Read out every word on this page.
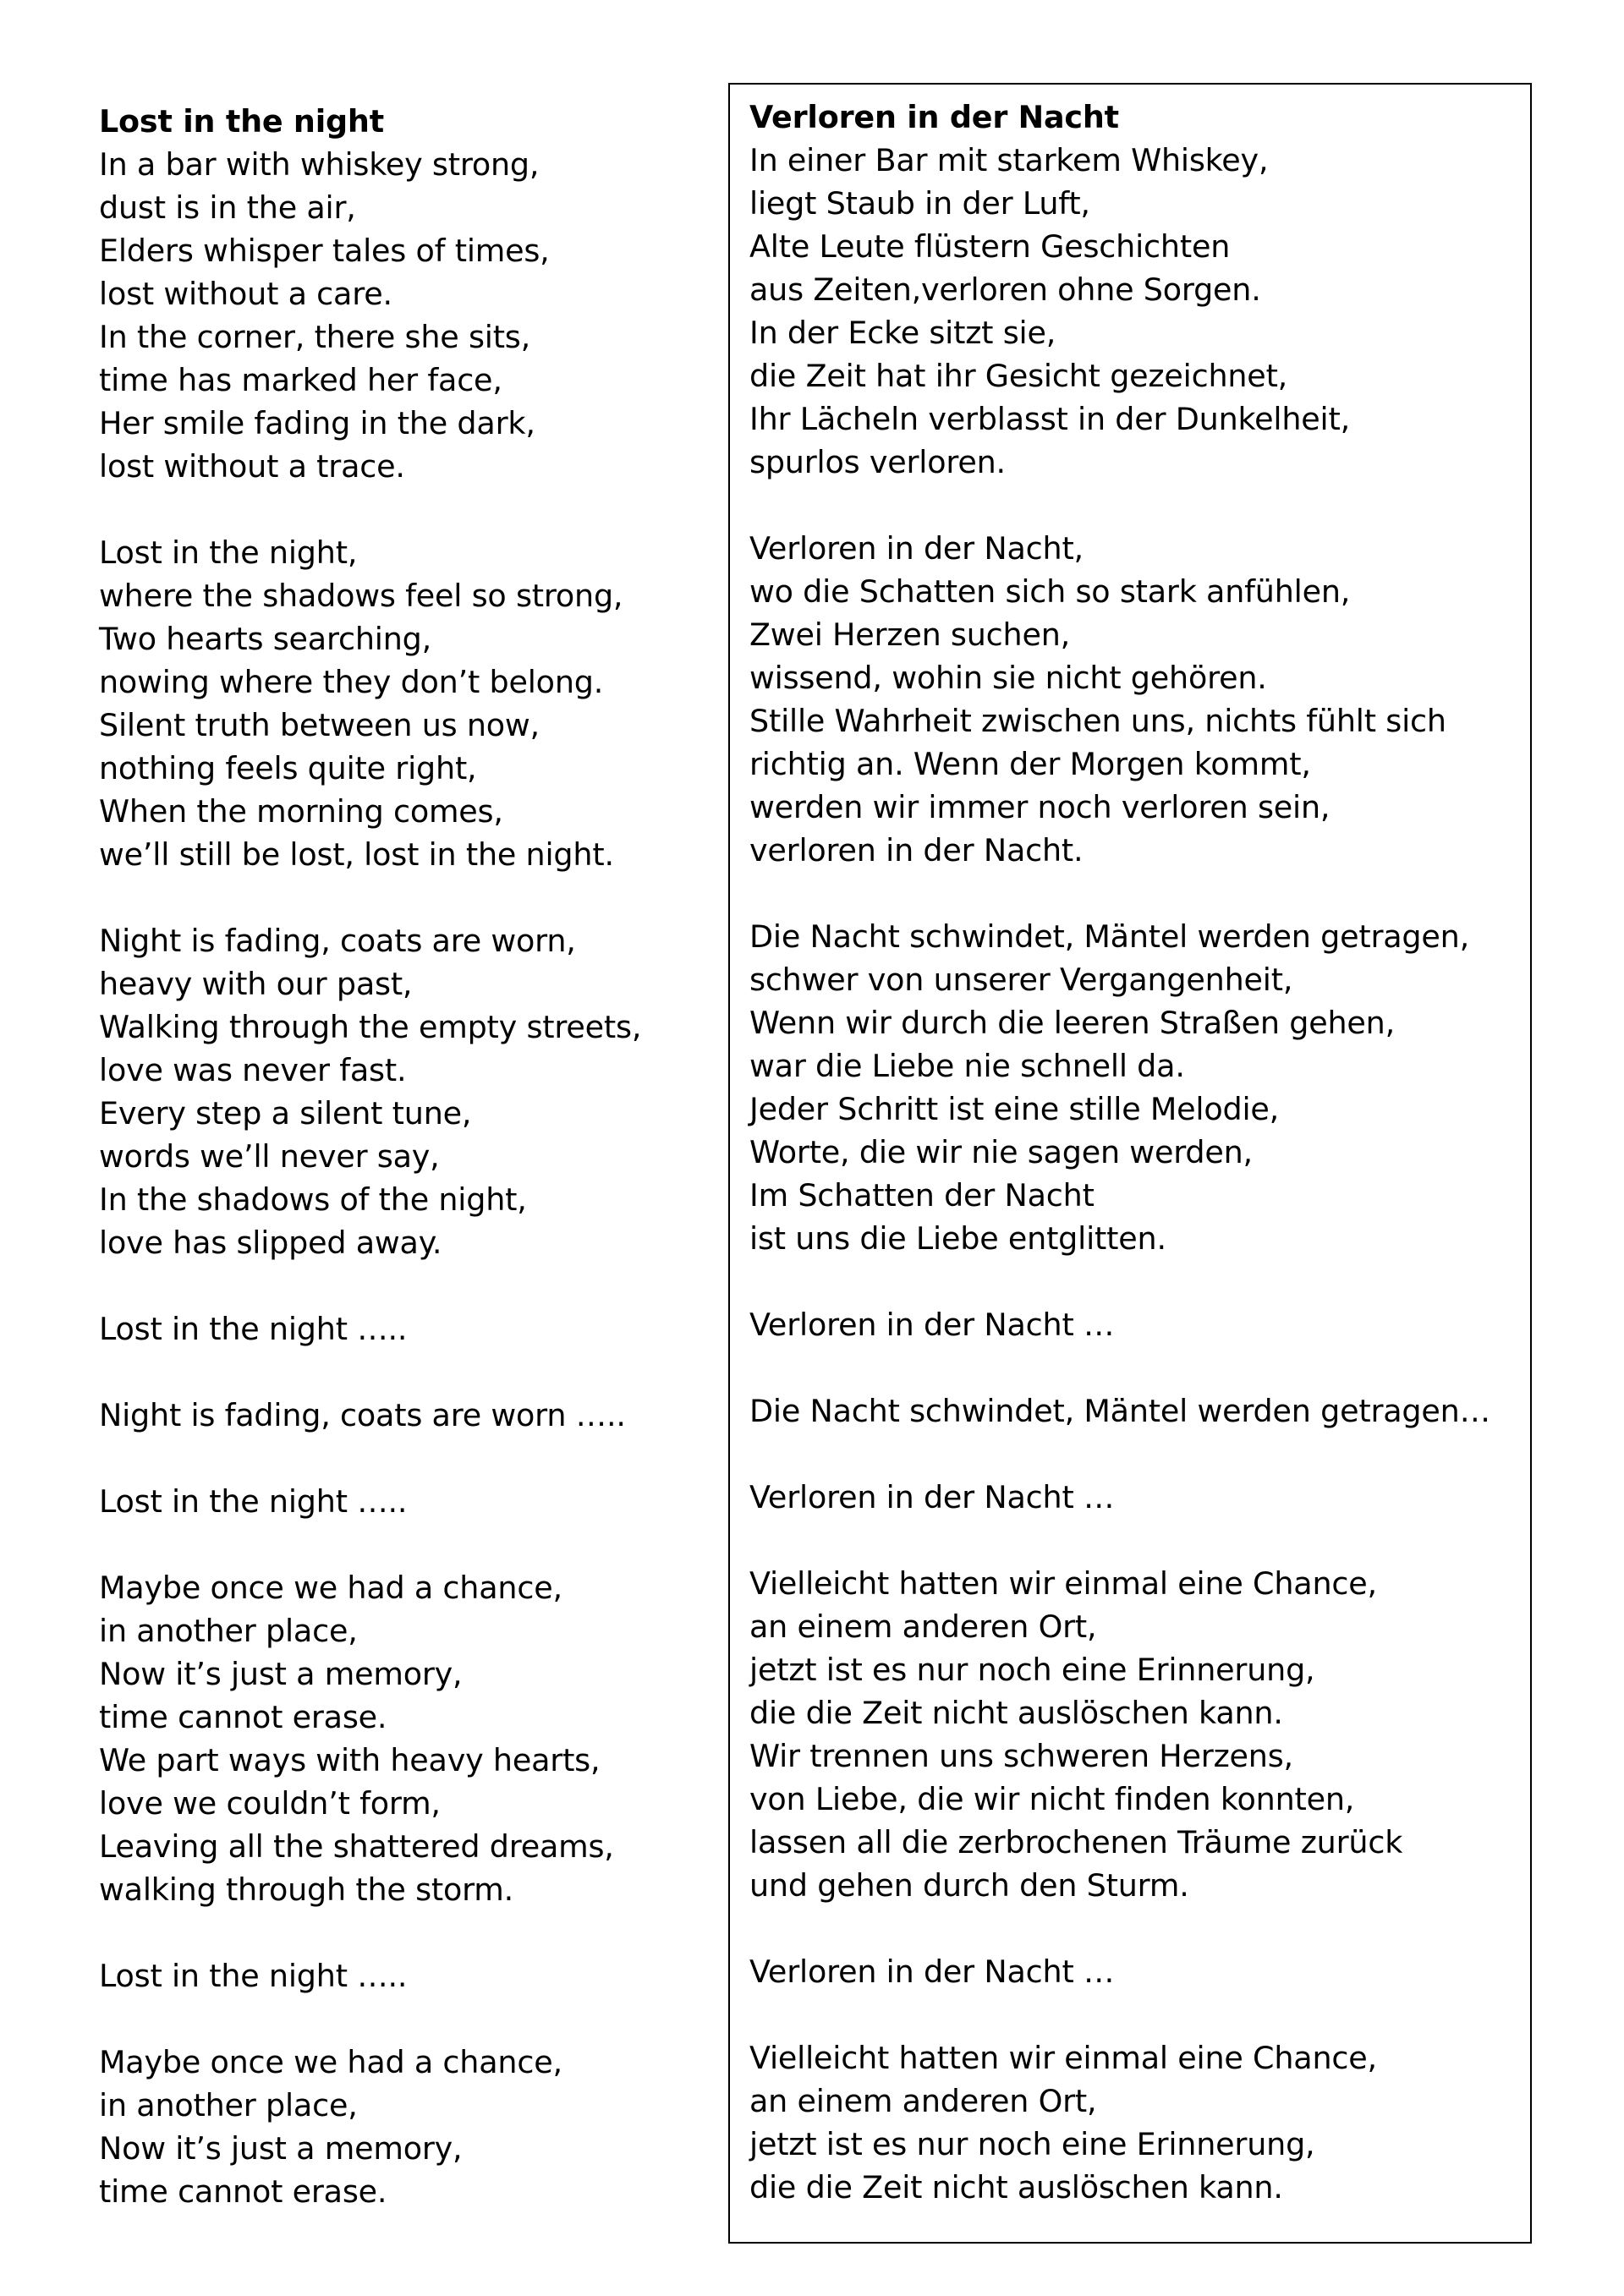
Lost in the night
In a bar with whiskey strong,
dust is in the air,
Elders whisper tales of times,
lost without a care.
In the corner, there she sits,
time has marked her face,
Her smile fading in the dark,
lost without a trace.
Lost in the night,
where the shadows feel so strong,
Two hearts searching,
nowing where they don’t belong.
Silent truth between us now,
nothing feels quite right,
When the morning comes,
we’ll still be lost, lost in the night.
Night is fading, coats are worn,
heavy with our past,
Walking through the empty streets,
love was never fast.
Every step a silent tune,
words we’ll never say,
In the shadows of the night,
love has slipped away.
Lost in the night …..
Night is fading, coats are worn …..
Lost in the night …..
Maybe once we had a chance,
in another place,
Now it’s just a memory,
time cannot erase.
We part ways with heavy hearts,
love we couldn’t form,
Leaving all the shattered dreams,
walking through the storm.
Lost in the night …..
Maybe once we had a chance,
in another place,
Now it’s just a memory,
time cannot erase.
Verloren in der Nacht
In einer Bar mit starkem Whiskey,
liegt Staub in der Luft,
Alte Leute flüstern Geschichten
aus Zeiten,verloren ohne Sorgen.
In der Ecke sitzt sie,
die Zeit hat ihr Gesicht gezeichnet,
Ihr Lächeln verblasst in der Dunkelheit,
spurlos verloren.
Verloren in der Nacht,
wo die Schatten sich so stark anfühlen,
Zwei Herzen suchen,
wissend, wohin sie nicht gehören.
Stille Wahrheit zwischen uns, nichts fühlt sich
richtig an. Wenn der Morgen kommt,
werden wir immer noch verloren sein,
verloren in der Nacht.
Die Nacht schwindet, Mäntel werden getragen,
schwer von unserer Vergangenheit,
Wenn wir durch die leeren Straßen gehen,
war die Liebe nie schnell da.
Jeder Schritt ist eine stille Melodie,
Worte, die wir nie sagen werden,
Im Schatten der Nacht
ist uns die Liebe entglitten.
Verloren in der Nacht …
Die Nacht schwindet, Mäntel werden getragen…
Verloren in der Nacht …
Vielleicht hatten wir einmal eine Chance,
an einem anderen Ort,
jetzt ist es nur noch eine Erinnerung,
die die Zeit nicht auslöschen kann.
Wir trennen uns schweren Herzens,
von Liebe, die wir nicht finden konnten,
lassen all die zerbrochenen Träume zurück
und gehen durch den Sturm.
Verloren in der Nacht …
Vielleicht hatten wir einmal eine Chance,
an einem anderen Ort,
jetzt ist es nur noch eine Erinnerung,
die die Zeit nicht auslöschen kann.
